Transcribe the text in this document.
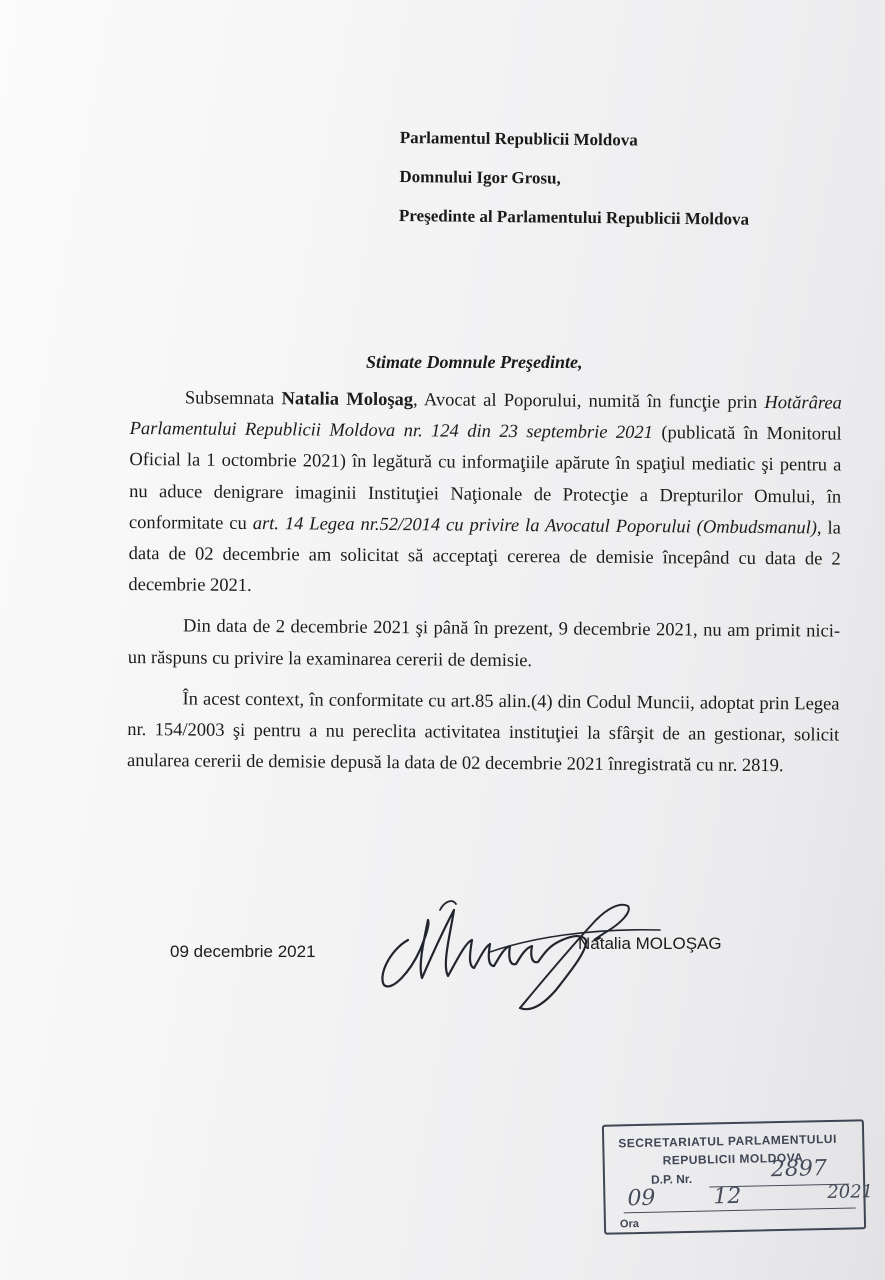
Parlamentul Republicii Moldova
Domnului Igor Grosu,
Preşedinte al Parlamentului Republicii Moldova
Stimate Domnule Preşedinte,

Subsemnata Natalia Moloşag, Avocat al Poporului, numită în funcţie prin Hotărârea Parlamentului Republicii Moldova nr. 124 din 23 septembrie 2021 (publicată în Monitorul Oficial la 1 octombrie 2021) în legătură cu informaţiile apărute în spaţiul mediatic şi pentru a nu aduce denigrare imaginii Instituţiei Naţionale de Protecţie a Drepturilor Omului, în conformitate cu art. 14 Legea nr.52/2014 cu privire la Avocatul Poporului (Ombudsmanul), la data de 02 decembrie am solicitat să acceptaţi cererea de demisie începând cu data de 2 decembrie 2021.

Din data de 2 decembrie 2021 şi până în prezent, 9 decembrie 2021, nu am primit nici-un răspuns cu privire la examinarea cererii de demisie.

În acest context, în conformitate cu art.85 alin.(4) din Codul Muncii, adoptat prin Legea nr. 154/2003 şi pentru a nu pereclita activitatea instituţiei la sfârşit de an gestionar, solicit anularea cererii de demisie depusă la data de 02 decembrie 2021 înregistrată cu nr. 2819.

09 decembrie 2021	Natalia MOLOŞAG
SECRETARIATUL PARLAMENTULUI
REPUBLICII MOLDOVA
D.P. Nr.	2897
09	12	2021
Ora
